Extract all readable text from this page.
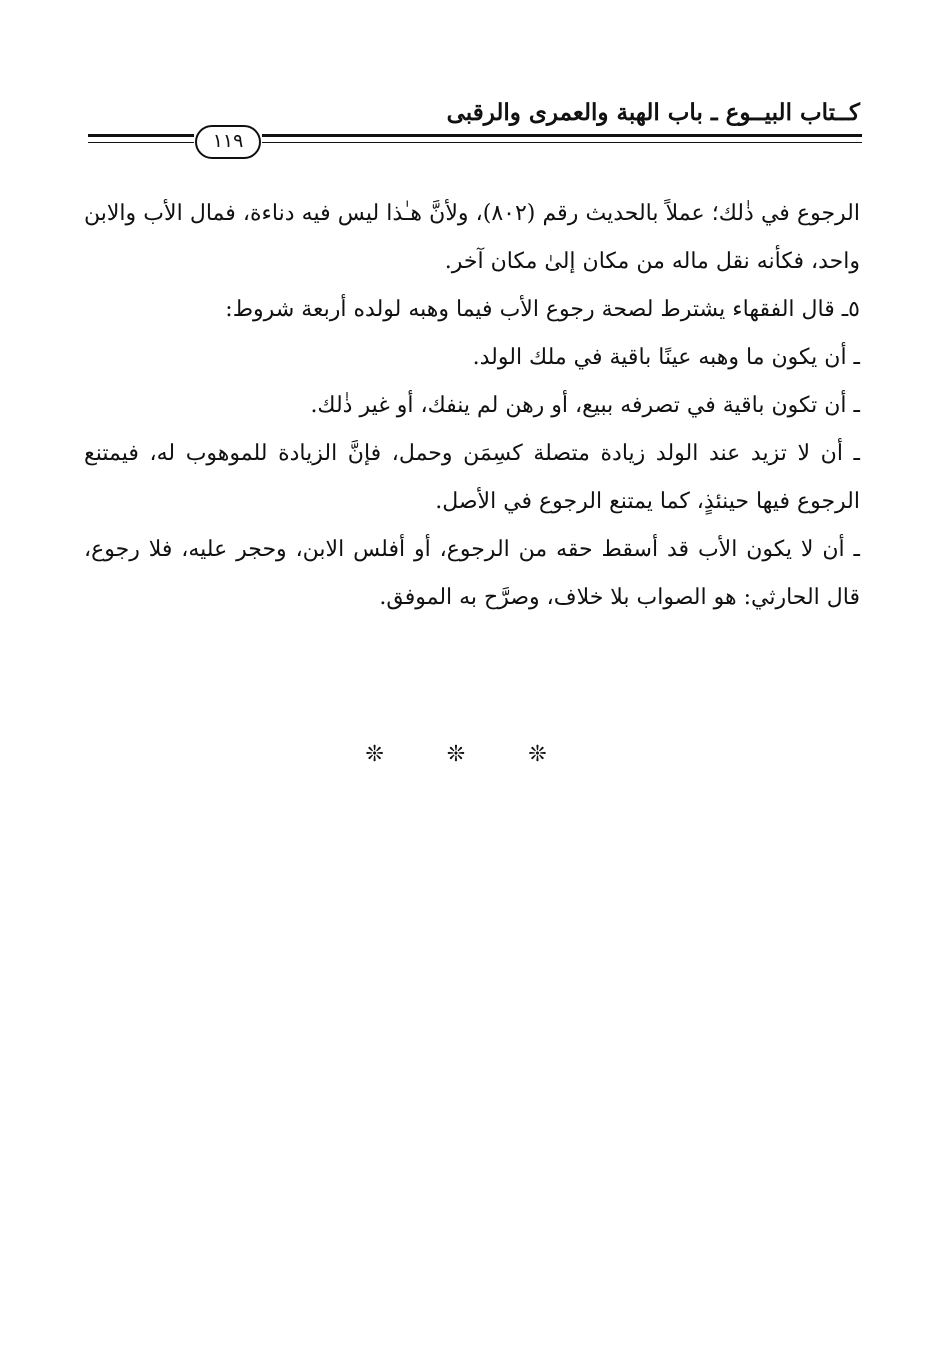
كــتاب البيــوع ـ باب الهبة والعمرى والرقبى
١١٩

الرجوع في ذٰلك؛ عملاً بالحديث رقم (٨٠٢)، ولأنَّ هـٰذا ليس فيه دناءة، فمال الأب والابن واحد، فكأنه نقل ماله من مكان إلىٰ مكان آخر.

٥ـ قال الفقهاء يشترط لصحة رجوع الأب فيما وهبه لولده أربعة شروط:

ـ أن يكون ما وهبه عينًا باقية في ملك الولد.

ـ أن تكون باقية في تصرفه ببيع، أو رهن لم ينفك، أو غير ذٰلك.

ـ أن لا تزيد عند الولد زيادة متصلة كسِمَن وحمل، فإنَّ الزيادة للموهوب له، فيمتنع الرجوع فيها حينئذٍ، كما يمتنع الرجوع في الأصل.

ـ أن لا يكون الأب قد أسقط حقه من الرجوع، أو أفلس الابن، وحجر عليه، فلا رجوع، قال الحارثي: هو الصواب بلا خلاف، وصرَّح به الموفق.

❊ ❊ ❊
